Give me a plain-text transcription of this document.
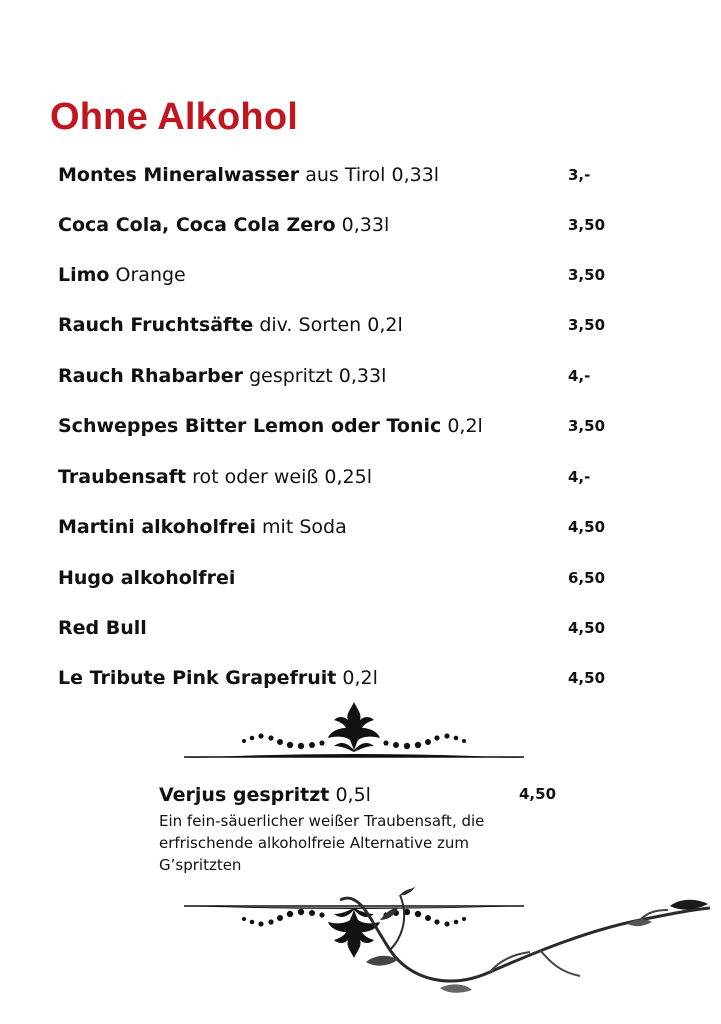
Ohne Alkohol
Montes Mineralwasser aus Tirol 0,33l	3,-
Coca Cola, Coca Cola Zero 0,33l	3,50
Limo Orange	3,50
Rauch Fruchtsäfte div. Sorten 0,2l	3,50
Rauch Rhabarber gespritzt 0,33l	4,-
Schweppes Bitter Lemon oder Tonic 0,2l	3,50
Traubensaft rot oder weiß 0,25l	4,-
Martini alkoholfrei mit Soda	4,50
Hugo alkoholfrei	6,50
Red Bull	4,50
Le Tribute Pink Grapefruit 0,2l	4,50
Verjus gespritzt 0,5l	4,50
Ein fein-säuerlicher weißer Traubensaft, die erfrischende alkoholfreie Alternative zum G’spritzten
